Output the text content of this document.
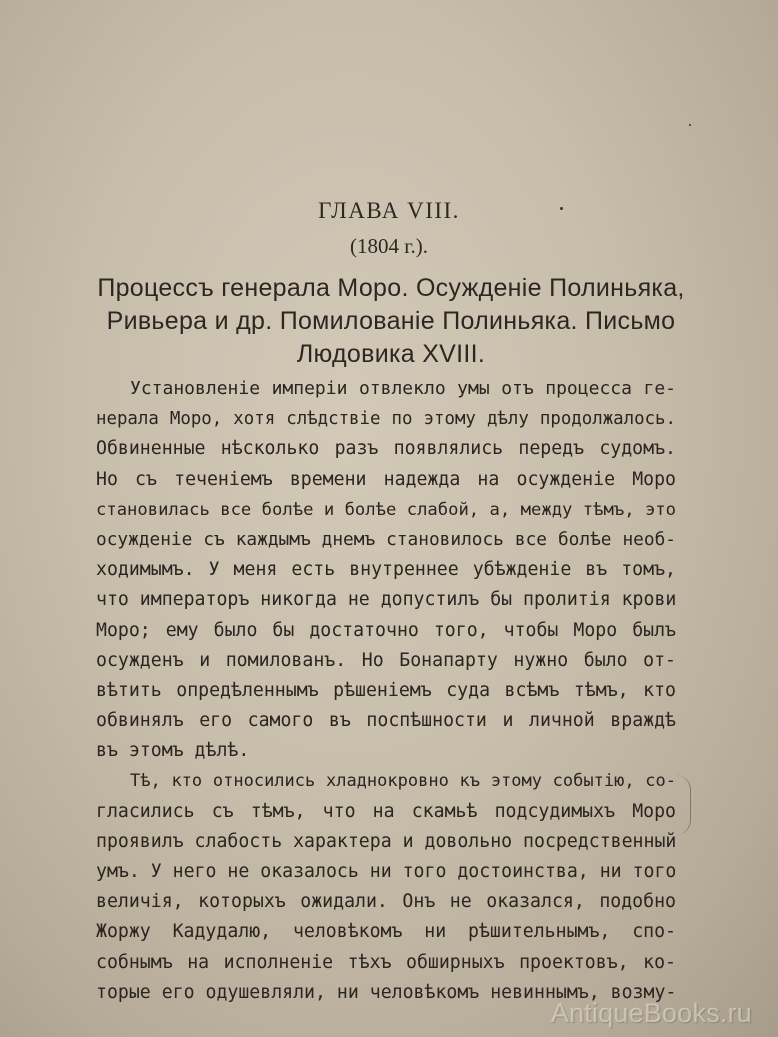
ГЛАВА VIII.
(1804 г.).
Процессъ генерала Моро. Осужденіе Полиньяка,
Ривьера и др. Помилованіе Полиньяка. Письмо
Людовика XVIII.
Установленіе имперіи отвлекло умы отъ процесса ге-
нерала Моро, хотя слѣдствіе по этому дѣлу продолжалось.
Обвиненные нѣсколько разъ появлялись передъ судомъ.
Но съ теченіемъ времени надежда на осужденіе Моро
становилась все болѣе и болѣе слабой, а, между тѣмъ, это
осужденіе съ каждымъ днемъ становилось все болѣе необ-
ходимымъ. У меня есть внутреннее убѣжденіе въ томъ,
что императоръ никогда не допустилъ бы пролитія крови
Моро; ему было бы достаточно того, чтобы Моро былъ
осужденъ и помилованъ. Но Бонапарту нужно было от-
вѣтить опредѣленнымъ рѣшеніемъ суда всѣмъ тѣмъ, кто
обвинялъ его самого въ поспѣшности и личной враждѣ
въ этомъ дѣлѣ.
Тѣ, кто относились хладнокровно къ этому событію, со-
гласились съ тѣмъ, что на скамьѣ подсудимыхъ Моро
проявилъ слабость характера и довольно посредственный
умъ. У него не оказалось ни того достоинства, ни того
величія, которыхъ ожидали. Онъ не оказался, подобно
Жоржу Кадудалю, человѣкомъ ни рѣшительнымъ, спо-
собнымъ на исполненіе тѣхъ обширныхъ проектовъ, ко-
торые его одушевляли, ни человѣкомъ невиннымъ, возму-
AntiqueBooks.ru
